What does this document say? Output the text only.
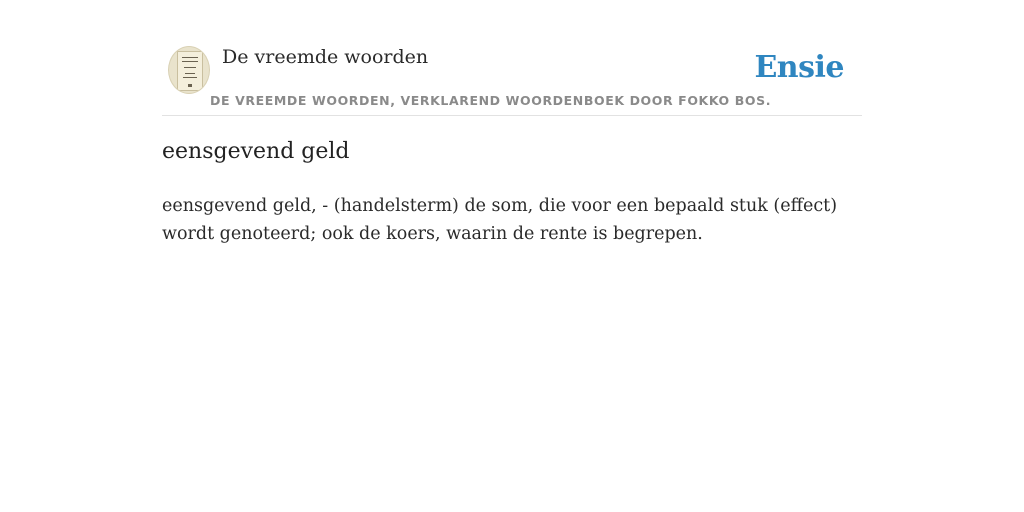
De vreemde woorden
DE VREEMDE WOORDEN, VERKLAREND WOORDENBOEK DOOR FOKKO BOS.
Ensie
eensgevend geld

eensgevend geld, - (handelsterm) de som, die voor een bepaald stuk (effect) wordt genoteerd; ook de koers, waarin de rente is begrepen.
